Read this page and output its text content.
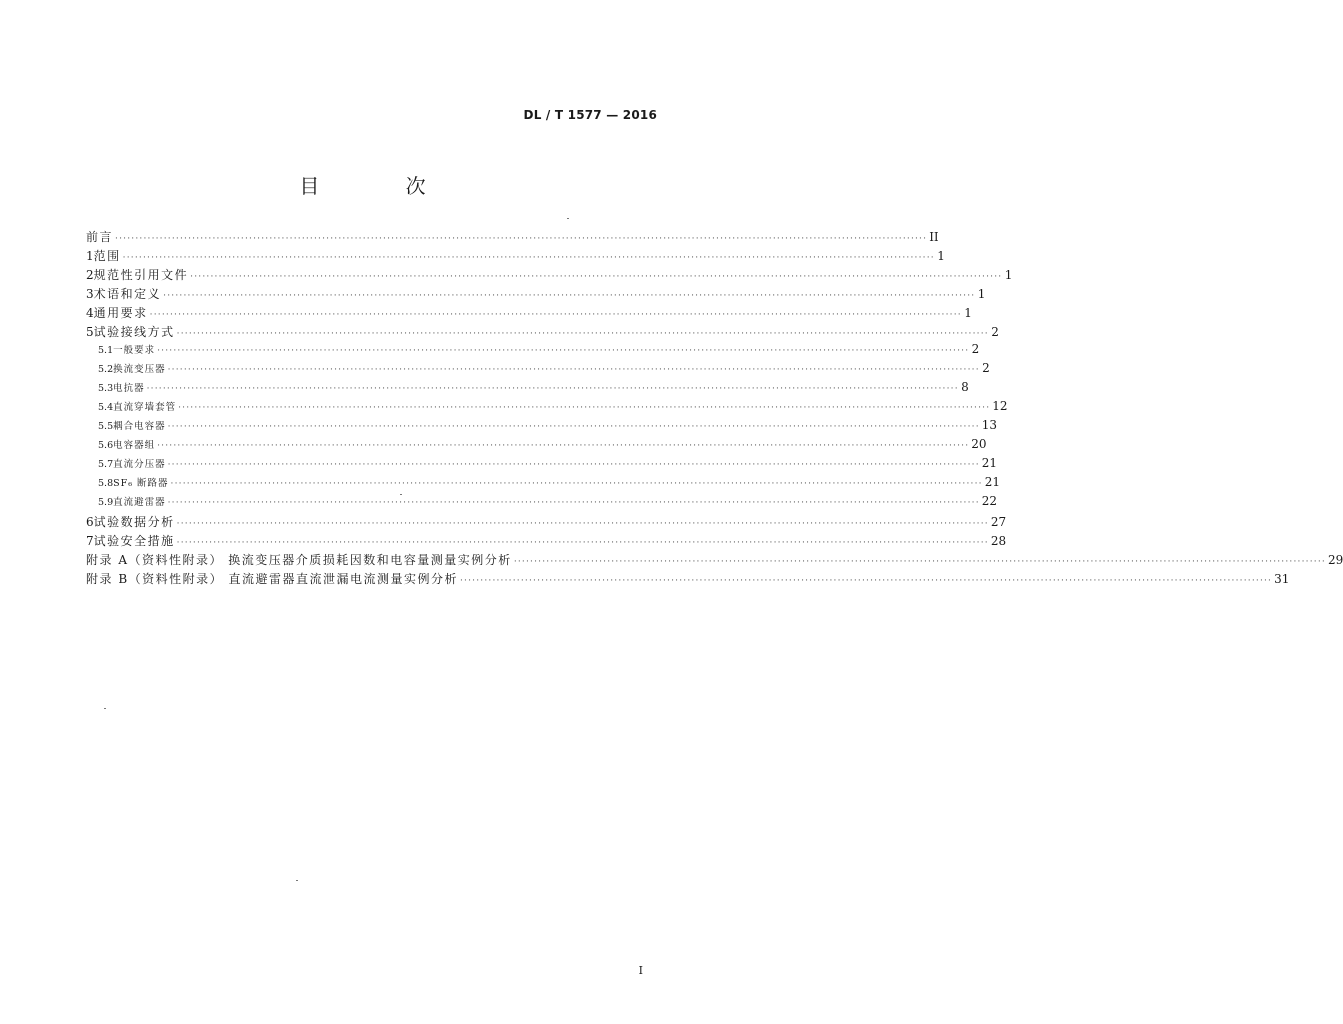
DL / T 1577 — 2016
目 次
前言 ········································································································································································································ II
1 范围 ········································································································································································································ 1
2 规范性引用文件 ········································································································································································································ 1
3 术语和定义 ········································································································································································································ 1
4 通用要求 ········································································································································································································ 1
5 试验接线方式 ········································································································································································································ 2
5.1 一般要求 ········································································································································································································ 2
5.2 换流变压器 ········································································································································································································ 2
5.3 电抗器 ········································································································································································································ 8
5.4 直流穿墙套管 ········································································································································································································ 12
5.5 耦合电容器 ········································································································································································································ 13
5.6 电容器组 ········································································································································································································ 20
5.7 直流分压器 ········································································································································································································ 21
5.8 SF₆ 断路器 ········································································································································································································ 21
5.9 直流避雷器 ········································································································································································································ 22
6 试验数据分析 ········································································································································································································ 27
7 试验安全措施 ········································································································································································································ 28
附录 A（资料性附录） 换流变压器介质损耗因数和电容量测量实例分析 ········································································································································································································ 29
附录 B（资料性附录） 直流避雷器直流泄漏电流测量实例分析 ········································································································································································································ 31
I
